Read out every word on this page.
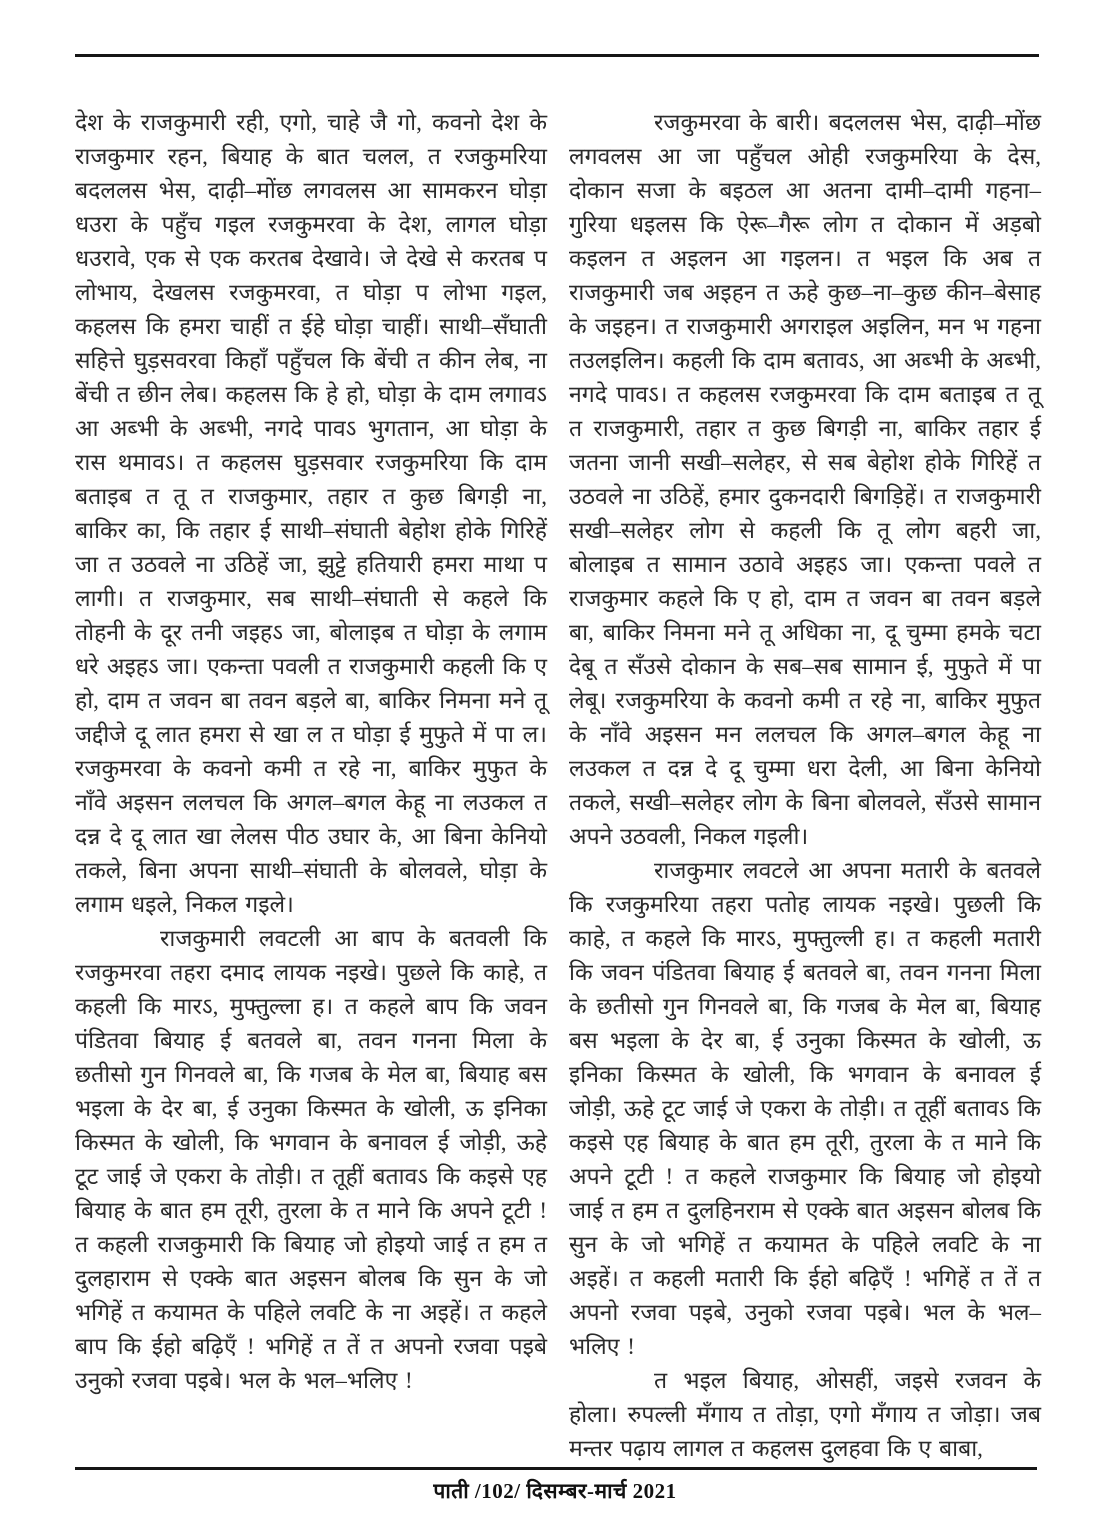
देश के राजकुमारी रही, एगो, चाहे जै गो, कवनो देश के राजकुमार रहन, बियाह के बात चलल, त रजकुमरिया बदललस भेस, दाढ़ी–मोंछ लगवलस आ सामकरन घोड़ा धउरा के पहुँच गइल रजकुमरवा के देश, लागल घोड़ा धउरावे, एक से एक करतब देखावे। जे देखे से करतब प लोभाय, देखलस रजकुमरवा, त घोड़ा प लोभा गइल, कहलस कि हमरा चाहीं त ईहे घोड़ा चाहीं। साथी–सँघाती सहित्ते घुड़सवरवा किहाँ पहुँचल कि बेंची त कीन लेब, ना बेंची त छीन लेब। कहलस कि हे हो, घोड़ा के दाम लगावऽ आ अब्भी के अब्भी, नगदे पावऽ भुगतान, आ घोड़ा के रास थमावऽ। त कहलस घुड़सवार रजकुमरिया कि दाम बताइब त तू त राजकुमार, तहार त कुछ बिगड़ी ना, बाकिर का, कि तहार ई साथी–संघाती बेहोश होके गिरिहें जा त उठवले ना उठिहें जा, झुट्टे हतियारी हमरा माथा प लागी। त राजकुमार, सब साथी–संघाती से कहले कि तोहनी के दूर तनी जइहऽ जा, बोलाइब त घोड़ा के लगाम धरे अइहऽ जा। एकन्ता पवली त राजकुमारी कहली कि ए हो, दाम त जवन बा तवन बड़ले बा, बाकिर निमना मने तू जद्दीजे दू लात हमरा से खा ल त घोड़ा ई मुफुते में पा ल। रजकुमरवा के कवनो कमी त रहे ना, बाकिर मुफुत के नाँवे अइसन ललचल कि अगल–बगल केहू ना लउकल त दन्न दे दू लात खा लेलस पीठ उघार के, आ बिना केनियो तकले, बिना अपना साथी–संघाती के बोलवले, घोड़ा के लगाम धइले, निकल गइले।

राजकुमारी लवटली आ बाप के बतवली कि रजकुमरवा तहरा दमाद लायक नइखे। पुछले कि काहे, त कहली कि मारऽ, मुफ्तुल्ला ह। त कहले बाप कि जवन पंडितवा बियाह ई बतवले बा, तवन गनना मिला के छतीसो गुन गिनवले बा, कि गजब के मेल बा, बियाह बस भइला के देर बा, ई उनुका किस्मत के खोली, ऊ इनिका किस्मत के खोली, कि भगवान के बनावल ई जोड़ी, ऊहे टूट जाई जे एकरा के तोड़ी। त तूहीं बतावऽ कि कइसे एह बियाह के बात हम तूरी, तुरला के त माने कि अपने टूटी ! त कहली राजकुमारी कि बियाह जो होइयो जाई त हम त दुलहाराम से एक्के बात अइसन बोलब कि सुन के जो भगिहें त कयामत के पहिले लवटि के ना अइहें। त कहले बाप कि ईहो बढ़िएँ ! भगिहें त तें त अपनो रजवा पइबे उनुको रजवा पइबे। भल के भल–भलिए !

रजकुमरवा के बारी। बदललस भेस, दाढ़ी–मोंछ लगवलस आ जा पहुँचल ओही रजकुमरिया के देस, दोकान सजा के बइठल आ अतना दामी–दामी गहना–गुरिया धइलस कि ऐरू–गैरू लोग त दोकान में अड़बो कइलन त अइलन आ गइलन। त भइल कि अब त राजकुमारी जब अइहन त ऊहे कुछ–ना–कुछ कीन–बेसाह के जइहन। त राजकुमारी अगराइल अइलिन, मन भ गहना तउलइलिन। कहली कि दाम बतावऽ, आ अब्भी के अब्भी, नगदे पावऽ। त कहलस रजकुमरवा कि दाम बताइब त तू त राजकुमारी, तहार त कुछ बिगड़ी ना, बाकिर तहार ई जतना जानी सखी–सलेहर, से सब बेहोश होके गिरिहें त उठवले ना उठिहें, हमार दुकनदारी बिगड़िहें। त राजकुमारी सखी–सलेहर लोग से कहली कि तू लोग बहरी जा, बोलाइब त सामान उठावे अइहऽ जा। एकन्ता पवले त राजकुमार कहले कि ए हो, दाम त जवन बा तवन बड़ले बा, बाकिर निमना मने तू अधिका ना, दू चुम्मा हमके चटा देबू त सँउसे दोकान के सब–सब सामान ई, मुफुते में पा लेबू। रजकुमरिया के कवनो कमी त रहे ना, बाकिर मुफुत के नाँवे अइसन मन ललचल कि अगल–बगल केहू ना लउकल त दन्न दे दू चुम्मा धरा देली, आ बिना केनियो तकले, सखी–सलेहर लोग के बिना बोलवले, सँउसे सामान अपने उठवली, निकल गइली।

राजकुमार लवटले आ अपना मतारी के बतवले कि रजकुमरिया तहरा पतोह लायक नइखे। पुछली कि काहे, त कहले कि मारऽ, मुफ्तुल्ली ह। त कहली मतारी कि जवन पंडितवा बियाह ई बतवले बा, तवन गनना मिला के छतीसो गुन गिनवले बा, कि गजब के मेल बा, बियाह बस भइला के देर बा, ई उनुका किस्मत के खोली, ऊ इनिका किस्मत के खोली, कि भगवान के बनावल ई जोड़ी, ऊहे टूट जाई जे एकरा के तोड़ी। त तूहीं बतावऽ कि कइसे एह बियाह के बात हम तूरी, तुरला के त माने कि अपने टूटी ! त कहले राजकुमार कि बियाह जो होइयो जाई त हम त दुलहिनराम से एक्के बात अइसन बोलब कि सुन के जो भगिहें त कयामत के पहिले लवटि के ना अइहें। त कहली मतारी कि ईहो बढ़िएँ ! भगिहें त तें त अपनो रजवा पइबे, उनुको रजवा पइबे। भल के भल–भलिए !

त भइल बियाह, ओसहीं, जइसे रजवन के होला। रुपल्ली मँगाय त तोड़ा, एगो मँगाय त जोड़ा। जब मन्तर पढ़ाय लागल त कहलस दुलहवा कि ए बाबा,

पाती /102/ दिसम्बर-मार्च 2021
